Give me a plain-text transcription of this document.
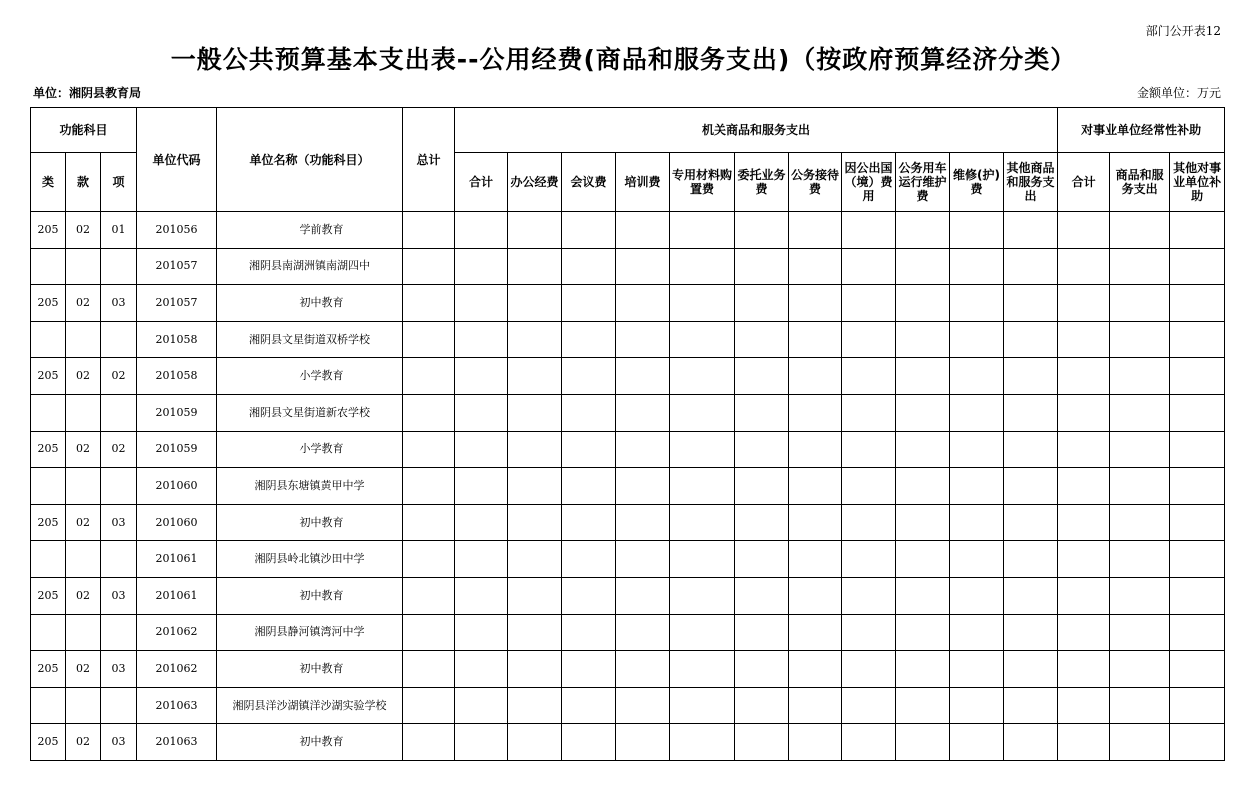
部门公开表12
一般公共预算基本支出表--公用经费(商品和服务支出)（按政府预算经济分类）
单位：湘阴县教育局	金额单位：万元
功能科目			单位代码	单位名称（功能科目）	总计	机关商品和服务支出											对事业单位经常性补助		
类	款	项				合计	办公经费	会议费	培训费	专用材料购置费	委托业务费	公务接待费	因公出国（境）费用	公务用车运行维护费	维修(护)费	其他商品和服务支出	合计	商品和服务支出	其他对事业单位补助
205	02	01	201056	学前教育															
			201057	湘阴县南湖洲镇南湖四中															
205	02	03	201057	初中教育															
			201058	湘阴县文星街道双桥学校															
205	02	02	201058	小学教育															
			201059	湘阴县文星街道新农学校															
205	02	02	201059	小学教育															
			201060	湘阴县东塘镇黄甲中学															
205	02	03	201060	初中教育															
			201061	湘阴县岭北镇沙田中学															
205	02	03	201061	初中教育															
			201062	湘阴县静河镇湾河中学															
205	02	03	201062	初中教育															
			201063	湘阴县洋沙湖镇洋沙湖实验学校															
205	02	03	201063	初中教育															
